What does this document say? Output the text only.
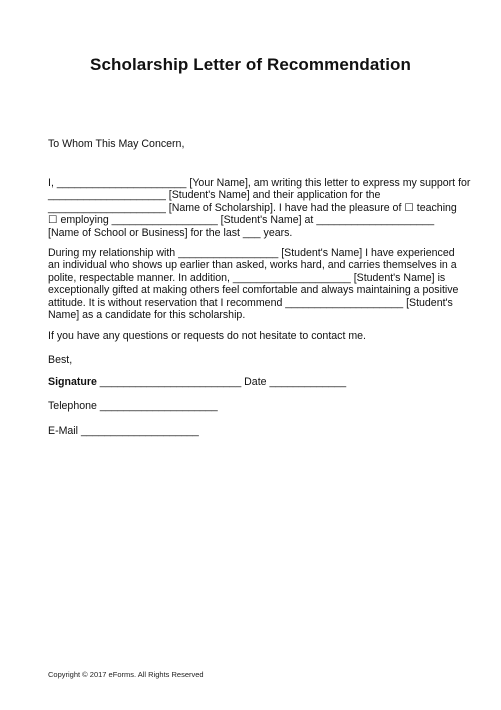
Scholarship Letter of Recommendation
To Whom This May Concern,
I, ______________________ [Your Name], am writing this letter to express my support for
____________________ [Student's Name] and their application for the
____________________ [Name of Scholarship]. I have had the pleasure of ☐ teaching
☐ employing __________________ [Student's Name] at ____________________
[Name of School or Business] for the last ___ years.
During my relationship with _________________ [Student's Name] I have experienced
an individual who shows up earlier than asked, works hard, and carries themselves in a
polite, respectable manner. In addition, ____________________ [Student's Name] is
exceptionally gifted at making others feel comfortable and always maintaining a positive
attitude. It is without reservation that I recommend ____________________ [Student's
Name] as a candidate for this scholarship.
If you have any questions or requests do not hesitate to contact me.
Best,
Signature ________________________ Date _____________
Telephone ____________________
E-Mail ____________________
Copyright © 2017 eForms. All Rights Reserved
